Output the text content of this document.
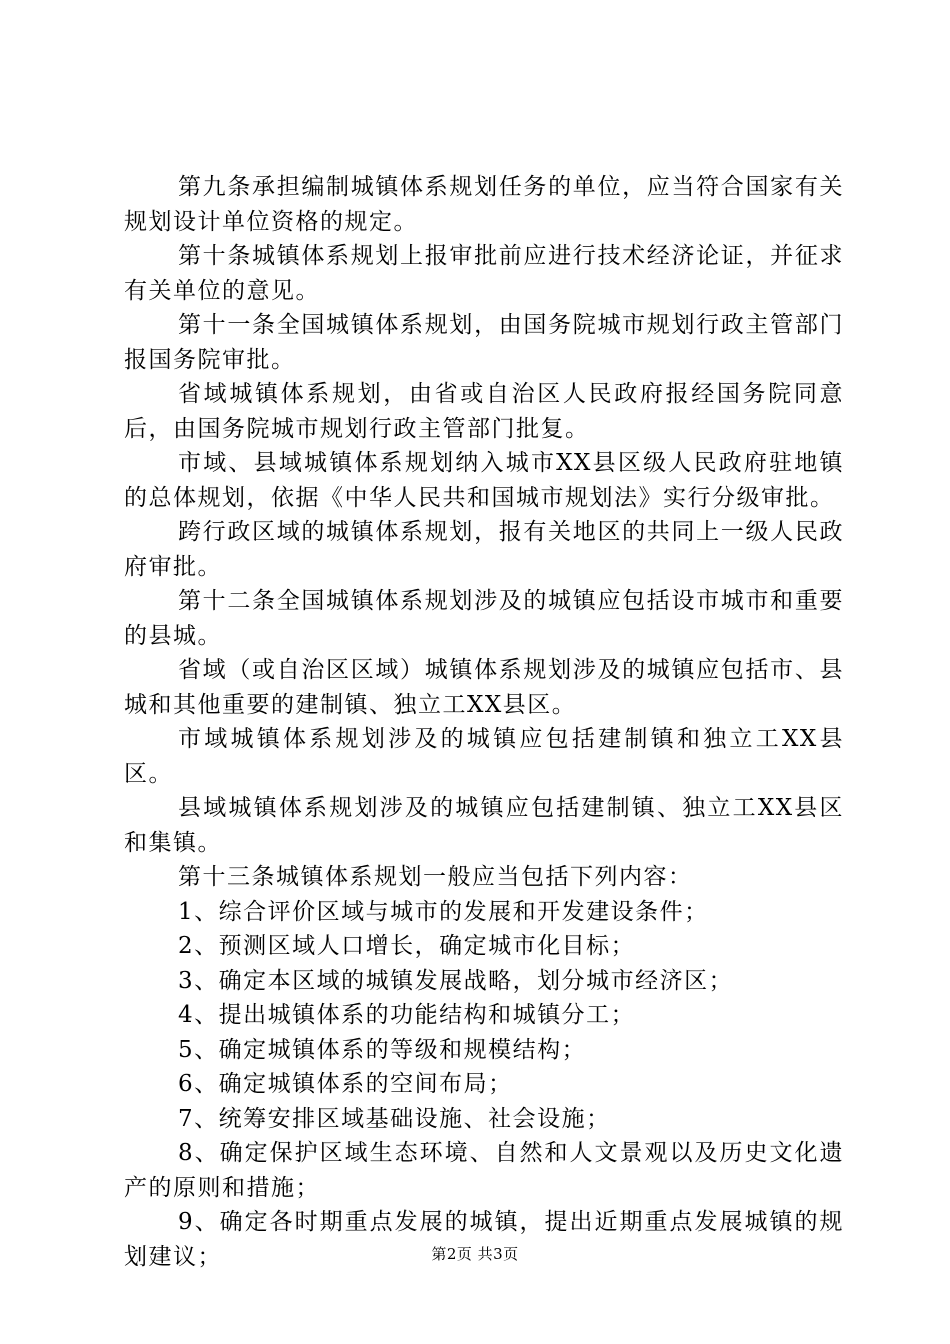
第九条承担编制城镇体系规划任务的单位，应当符合国家有关规划设计单位资格的规定。

第十条城镇体系规划上报审批前应进行技术经济论证，并征求有关单位的意见。

第十一条全国城镇体系规划，由国务院城市规划行政主管部门报国务院审批。

省域城镇体系规划，由省或自治区人民政府报经国务院同意后，由国务院城市规划行政主管部门批复。

市域、县域城镇体系规划纳入城市XX县区级人民政府驻地镇的总体规划，依据《中华人民共和国城市规划法》实行分级审批。

跨行政区域的城镇体系规划，报有关地区的共同上一级人民政府审批。

第十二条全国城镇体系规划涉及的城镇应包括设市城市和重要的县城。

省域（或自治区区域）城镇体系规划涉及的城镇应包括市、县城和其他重要的建制镇、独立工XX县区。

市域城镇体系规划涉及的城镇应包括建制镇和独立工XX县区。

县域城镇体系规划涉及的城镇应包括建制镇、独立工XX县区和集镇。

第十三条城镇体系规划一般应当包括下列内容：

1、综合评价区域与城市的发展和开发建设条件；

2、预测区域人口增长，确定城市化目标；

3、确定本区域的城镇发展战略，划分城市经济区；

4、提出城镇体系的功能结构和城镇分工；

5、确定城镇体系的等级和规模结构；

6、确定城镇体系的空间布局；

7、统筹安排区域基础设施、社会设施；

8、确定保护区域生态环境、自然和人文景观以及历史文化遗产的原则和措施；

9、确定各时期重点发展的城镇，提出近期重点发展城镇的规划建议；	第2页 共3页
